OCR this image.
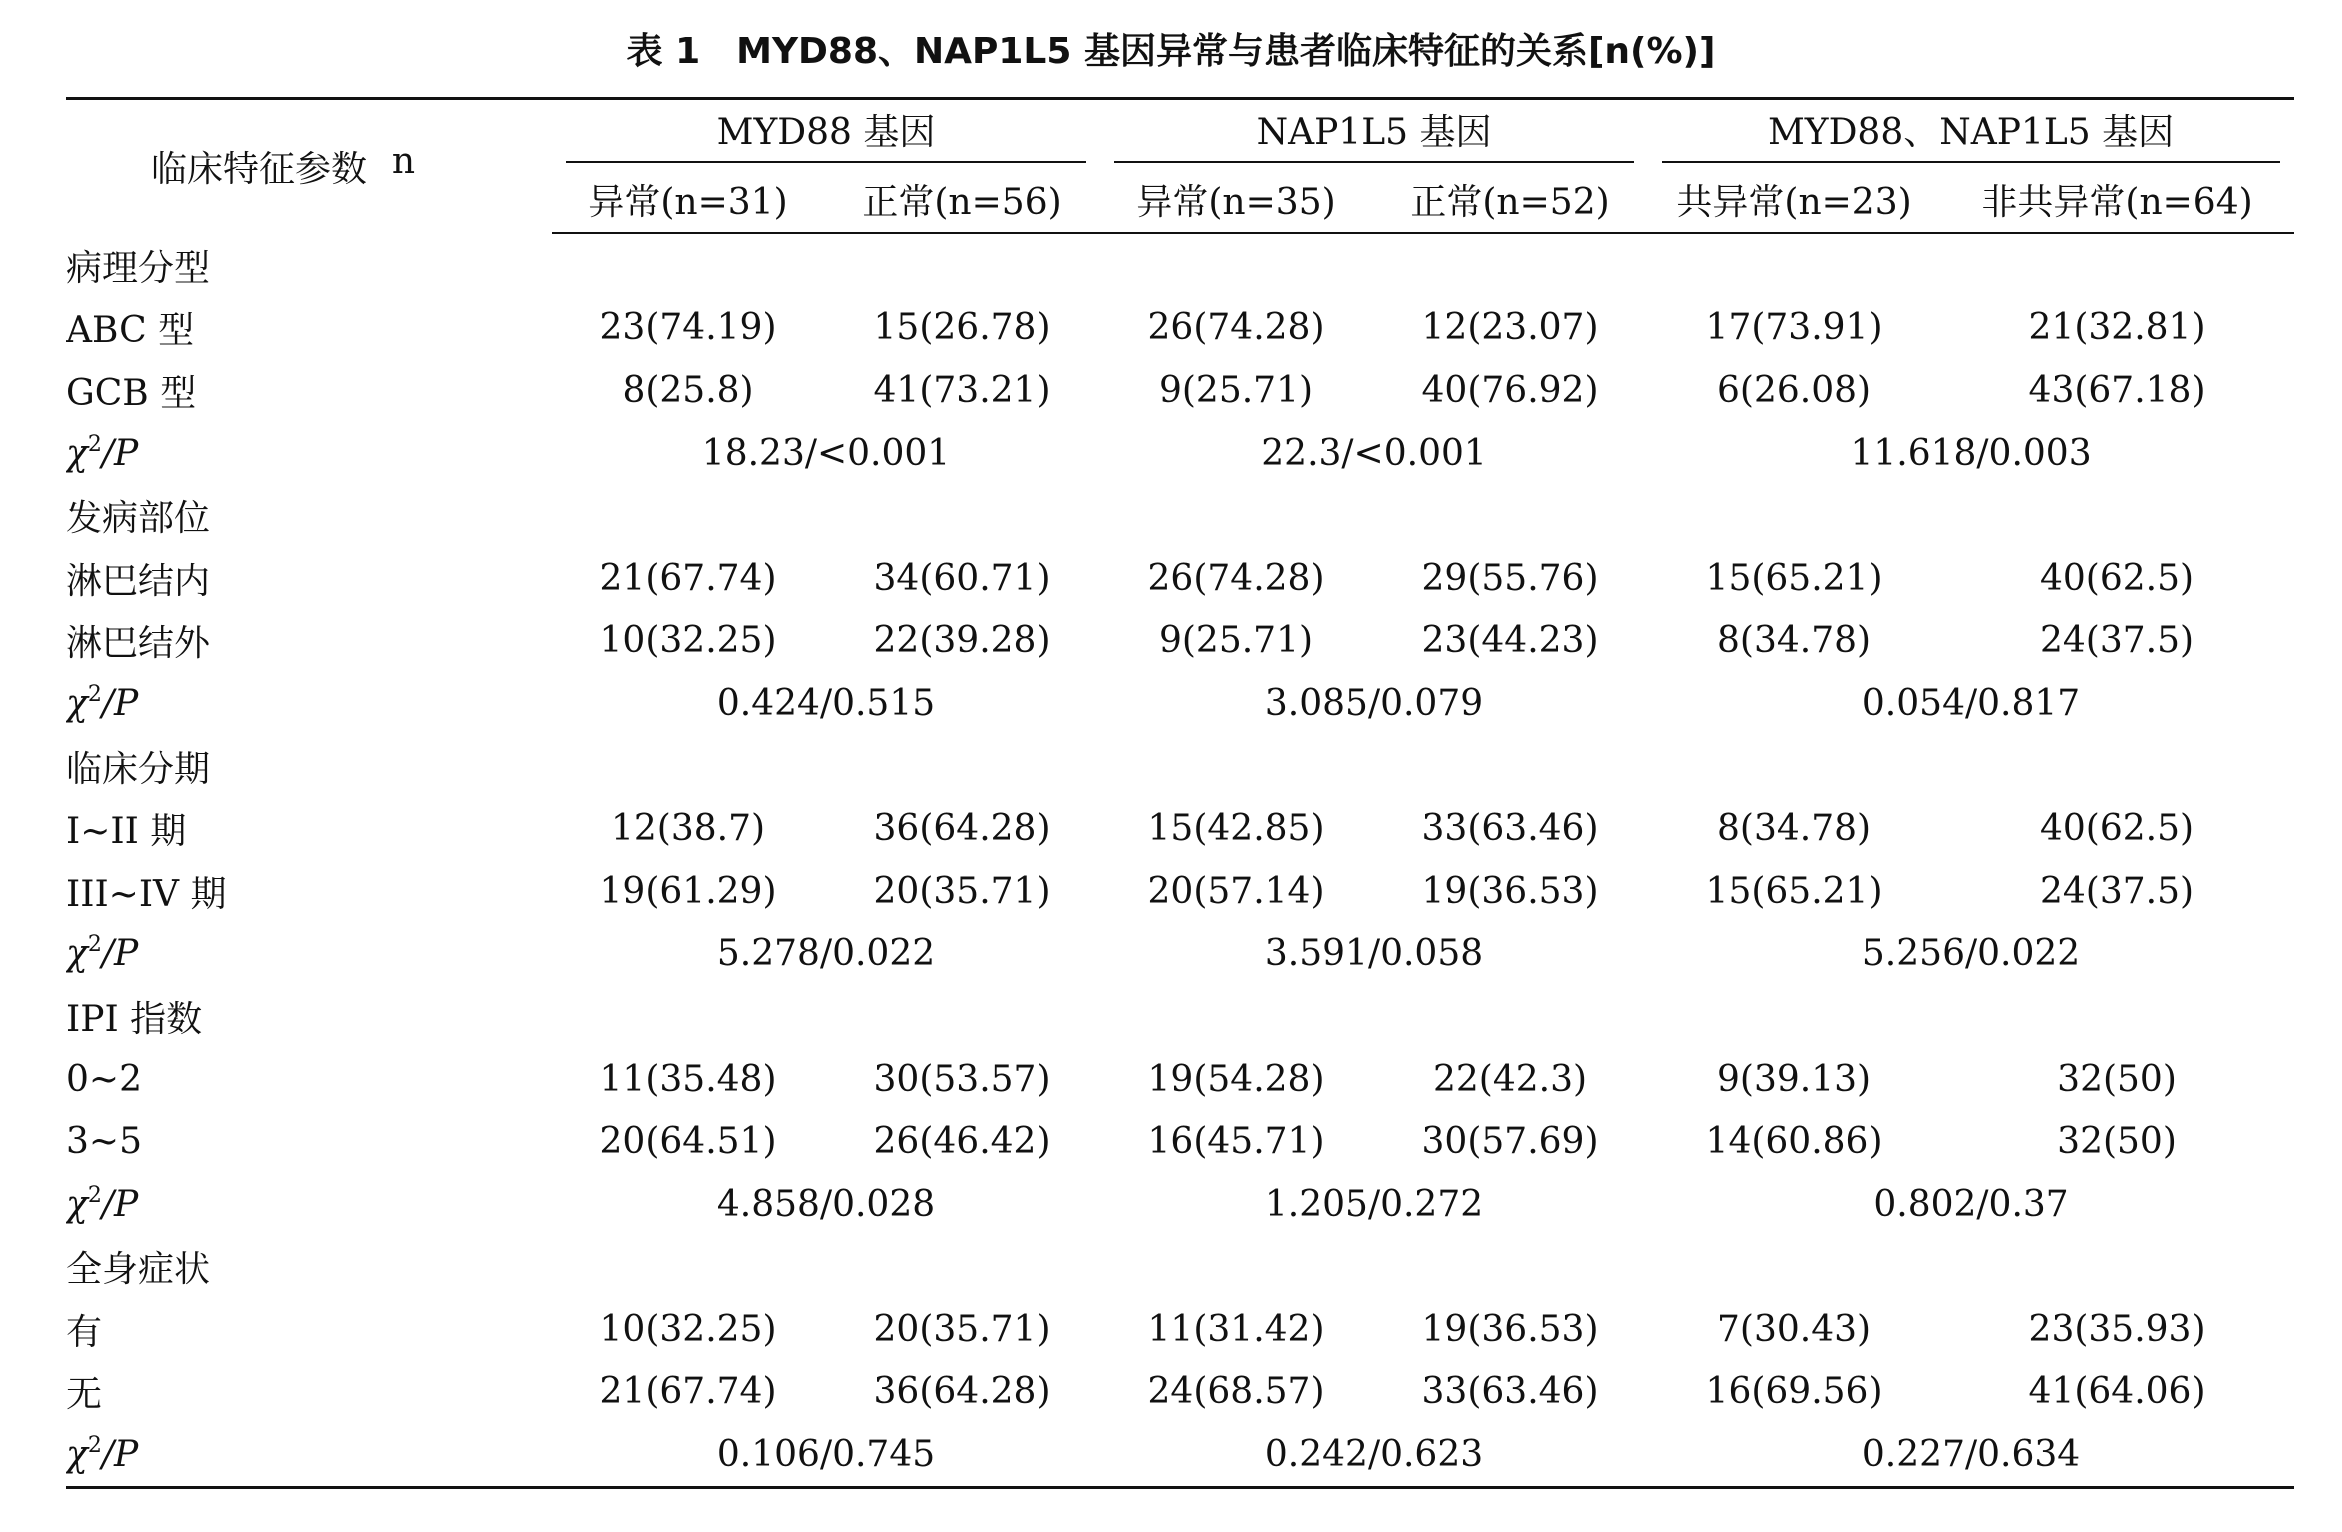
表 1 MYD88、NAP1L5 基因异常与患者临床特征的关系[n(%)]
临床特征参数 n	MYD88 基因		NAP1L5 基因		MYD88、NAP1L5 基因	

	异常(n=31)	正常(n=56)	异常(n=35)	正常(n=52)	共异常(n=23)	非共异常(n=64)
病理分型						
ABC 型		23(74.19)	15(26.78)	26(74.28)	12(23.07)	17(73.91)	21(32.81)
GCB 型		8(25.8)	41(73.21)	9(25.71)	40(76.92)	6(26.08)	43(67.18)
$\chi^2/P$	18.23/<0.001		22.3/<0.001		11.618/0.003	
发病部位						
淋巴结内		21(67.74)	34(60.71)	26(74.28)	29(55.76)	15(65.21)	40(62.5)
淋巴结外		10(32.25)	22(39.28)	9(25.71)	23(44.23)	8(34.78)	24(37.5)
$\chi^2/P$	0.424/0.515		3.085/0.079		0.054/0.817	
临床分期						
I~II 期		12(38.7)	36(64.28)	15(42.85)	33(63.46)	8(34.78)	40(62.5)
III~IV 期		19(61.29)	20(35.71)	20(57.14)	19(36.53)	15(65.21)	24(37.5)
$\chi^2/P$	5.278/0.022		3.591/0.058		5.256/0.022	
IPI 指数						
0~2		11(35.48)	30(53.57)	19(54.28)	22(42.3)	9(39.13)	32(50)
3~5		20(64.51)	26(46.42)	16(45.71)	30(57.69)	14(60.86)	32(50)
$\chi^2/P$	4.858/0.028		1.205/0.272		0.802/0.37	
全身症状						
有		10(32.25)	20(35.71)	11(31.42)	19(36.53)	7(30.43)	23(35.93)
无		21(67.74)	36(64.28)	24(68.57)	33(63.46)	16(69.56)	41(64.06)
$\chi^2/P$	0.106/0.745		0.242/0.623		0.227/0.634	
